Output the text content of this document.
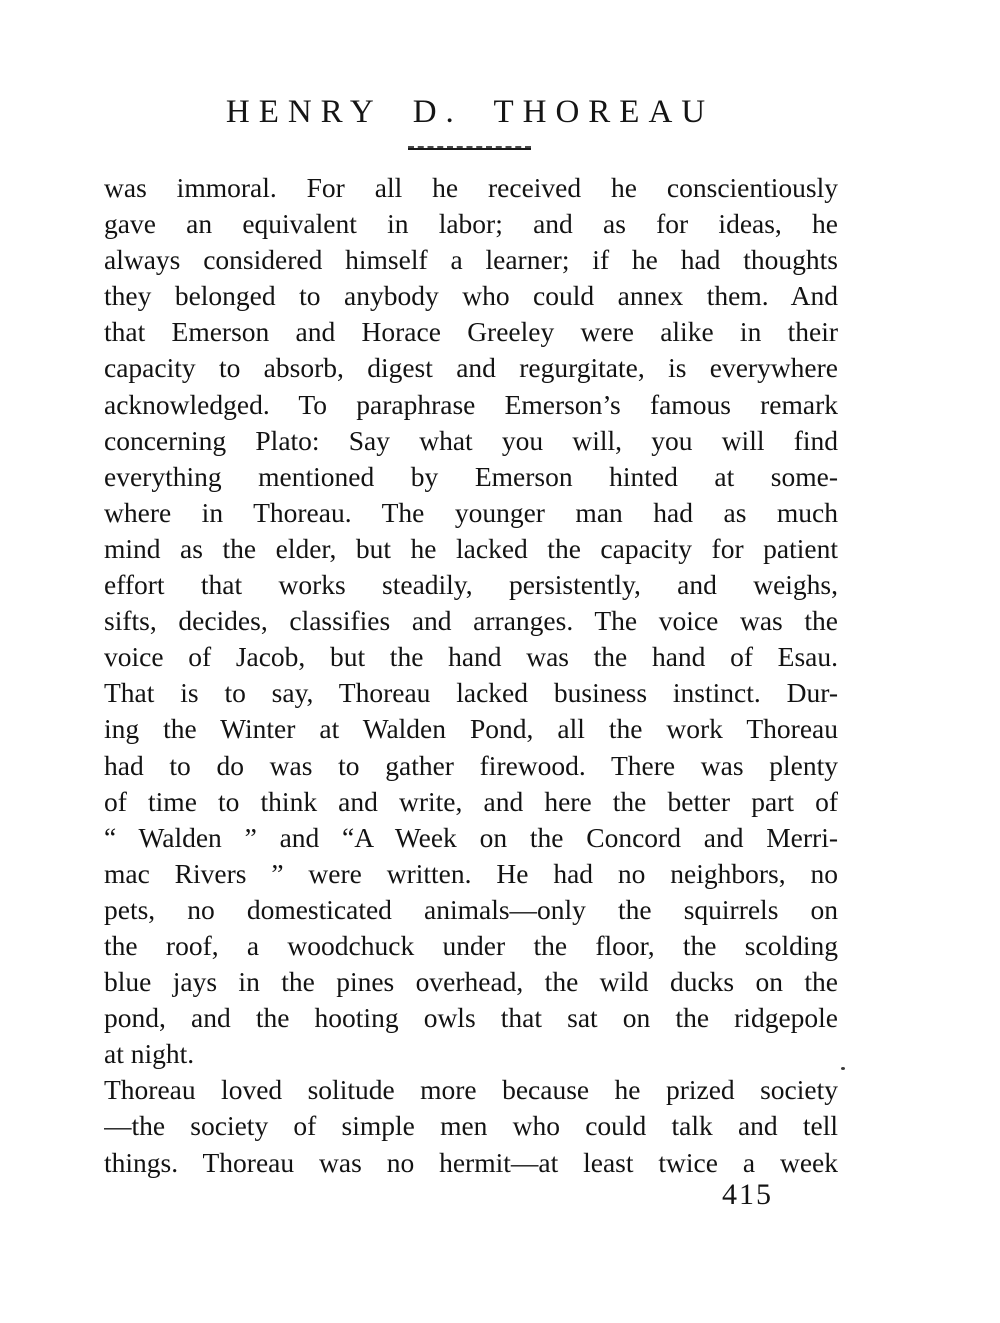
HENRY D. THOREAU
was immoral. For all he received he conscientiously
gave an equivalent in labor; and as for ideas, he
always considered himself a learner; if he had thoughts
they belonged to anybody who could annex them. And
that Emerson and Horace Greeley were alike in their
capacity to absorb, digest and regurgitate, is everywhere
acknowledged. To paraphrase Emerson’s famous remark
concerning Plato: Say what you will, you will find
everything mentioned by Emerson hinted at some-
where in Thoreau. The younger man had as much
mind as the elder, but he lacked the capacity for patient
effort that works steadily, persistently, and weighs,
sifts, decides, classifies and arranges. The voice was the
voice of Jacob, but the hand was the hand of Esau.
That is to say, Thoreau lacked business instinct. Dur-
ing the Winter at Walden Pond, all the work Thoreau
had to do was to gather firewood. There was plenty
of time to think and write, and here the better part of
“ Walden ” and “A Week on the Concord and Merri-
mac Rivers ” were written. He had no neighbors, no
pets, no domesticated animals—only the squirrels on
the roof, a woodchuck under the floor, the scolding
blue jays in the pines overhead, the wild ducks on the
pond, and the hooting owls that sat on the ridgepole
at night.
Thoreau loved solitude more because he prized society
—the society of simple men who could talk and tell
things. Thoreau was no hermit—at least twice a week
415
